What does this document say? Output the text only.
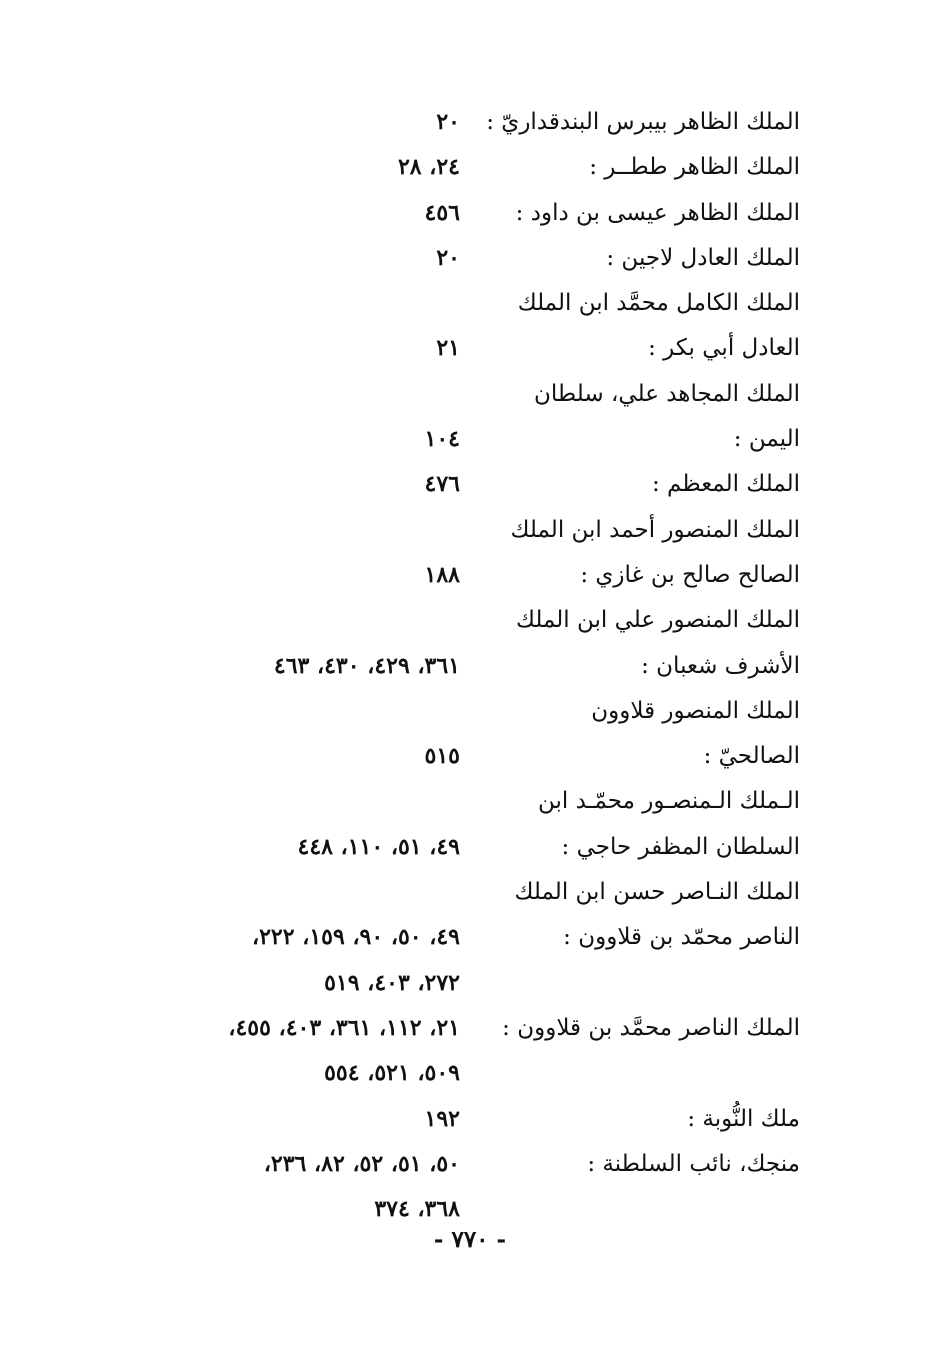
الملك الظاهر بيبرس البندقداريّ :
٢٠
الملك الظاهر ططــر :
٢٤، ٢٨
الملك الظاهر عيسى بن داود :
٤٥٦
الملك العادل لاجين :
٢٠
الملك الكامل محمَّد ابن الملك
العادل أبي بكر :
٢١
الملك المجاهد علي، سلطان
اليمن :
١٠٤
الملك المعظم :
٤٧٦
الملك المنصور أحمد ابن الملك
الصالح صالح بن غازي :
١٨٨
الملك المنصور علي ابن الملك
الأشرف شعبان :
٣٦١، ٤٢٩، ٤٣٠، ٤٦٣
الملك المنصور قلاوون
الصالحيّ :
٥١٥
الـملك الـمنصـور محمّـد ابن
السلطان المظفر حاجي :
٤٩، ٥١، ١١٠، ٤٤٨
الملك النـاصر حسن ابن الملك
الناصر محمّد بن قلاوون :
٤٩، ٥٠، ٩٠، ١٥٩، ٢٢٢،
٢٧٢، ٤٠٣، ٥١٩
الملك الناصر محمَّد بن قلاوون :
٢١، ١١٢، ٣٦١، ٤٠٣، ٤٥٥،
٥٠٩، ٥٢١، ٥٥٤
ملك النُّوبة :
١٩٢
منجك، نائب السلطنة :
٥٠، ٥١، ٥٢، ٨٢، ٢٣٦،
٣٦٨، ٣٧٤
- ٧٧٠ -
